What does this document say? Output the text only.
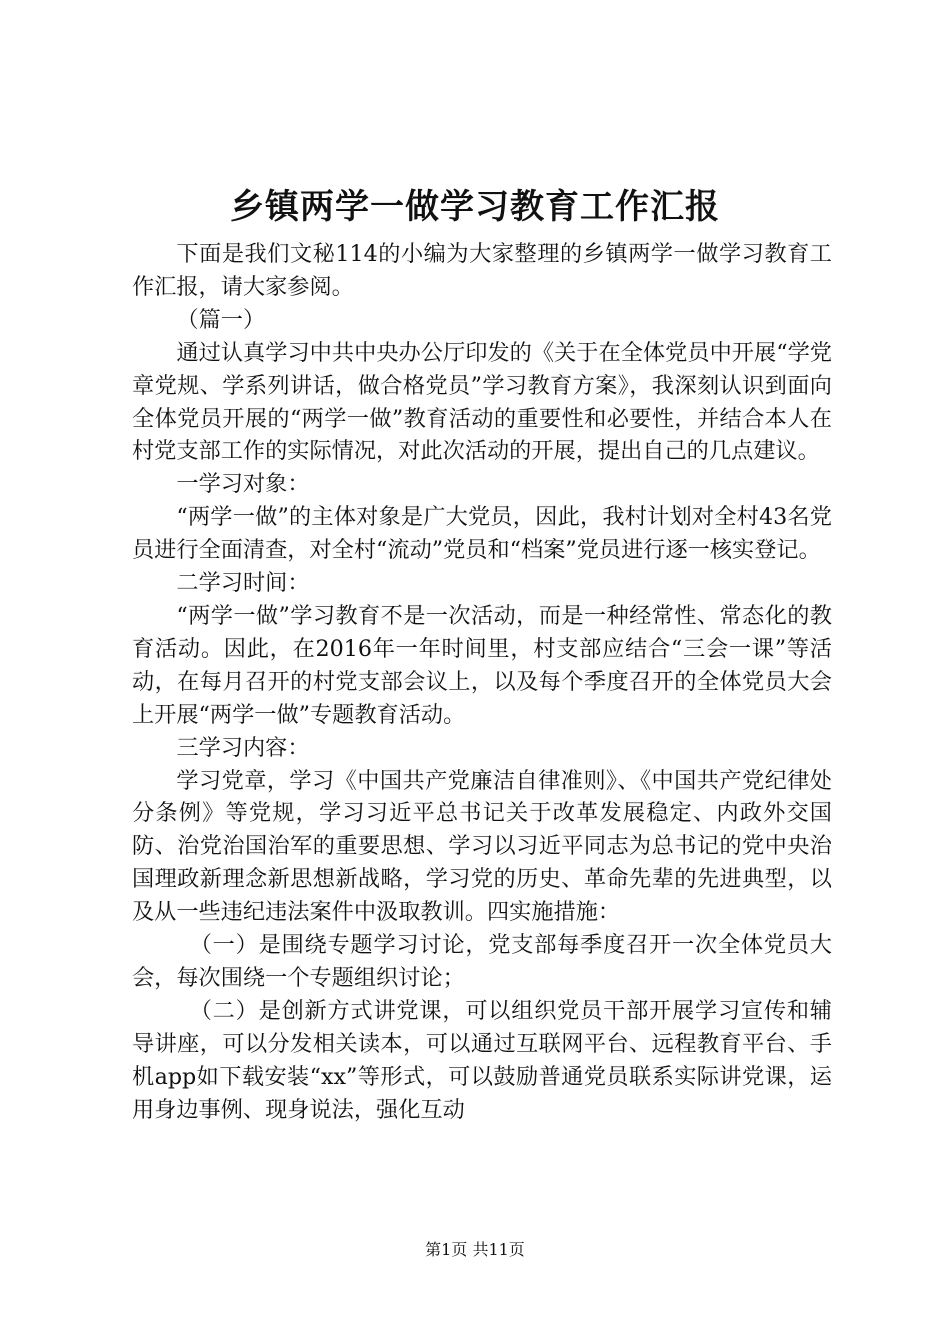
乡镇两学一做学习教育工作汇报

下面是我们文秘114的小编为大家整理的乡镇两学一做学习教育工作汇报，请大家参阅。

（篇一）

通过认真学习中共中央办公厅印发的《关于在全体党员中开展“学党章党规、学系列讲话，做合格党员”学习教育方案》，我深刻认识到面向全体党员开展的“两学一做”教育活动的重要性和必要性，并结合本人在村党支部工作的实际情况，对此次活动的开展，提出自己的几点建议。

一学习对象：

“两学一做”的主体对象是广大党员，因此，我村计划对全村43名党员进行全面清查，对全村“流动”党员和“档案”党员进行逐一核实登记。

二学习时间：

“两学一做”学习教育不是一次活动，而是一种经常性、常态化的教育活动。因此，在2016年一年时间里，村支部应结合“三会一课”等活动，在每月召开的村党支部会议上，以及每个季度召开的全体党员大会上开展“两学一做”专题教育活动。

三学习内容：

学习党章，学习《中国共产党廉洁自律准则》、《中国共产党纪律处分条例》等党规，学习习近平总书记关于改革发展稳定、内政外交国防、治党治国治军的重要思想、学习以习近平同志为总书记的党中央治国理政新理念新思想新战略，学习党的历史、革命先辈的先进典型，以及从一些违纪违法案件中汲取教训。四实施措施：

（一）是围绕专题学习讨论，党支部每季度召开一次全体党员大会，每次围绕一个专题组织讨论；

（二）是创新方式讲党课，可以组织党员干部开展学习宣传和辅导讲座，可以分发相关读本，可以通过互联网平台、远程教育平台、手机app如下载安装“xx”等形式，可以鼓励普通党员联系实际讲党课，运用身边事例、现身说法，强化互动

第1页 共11页
